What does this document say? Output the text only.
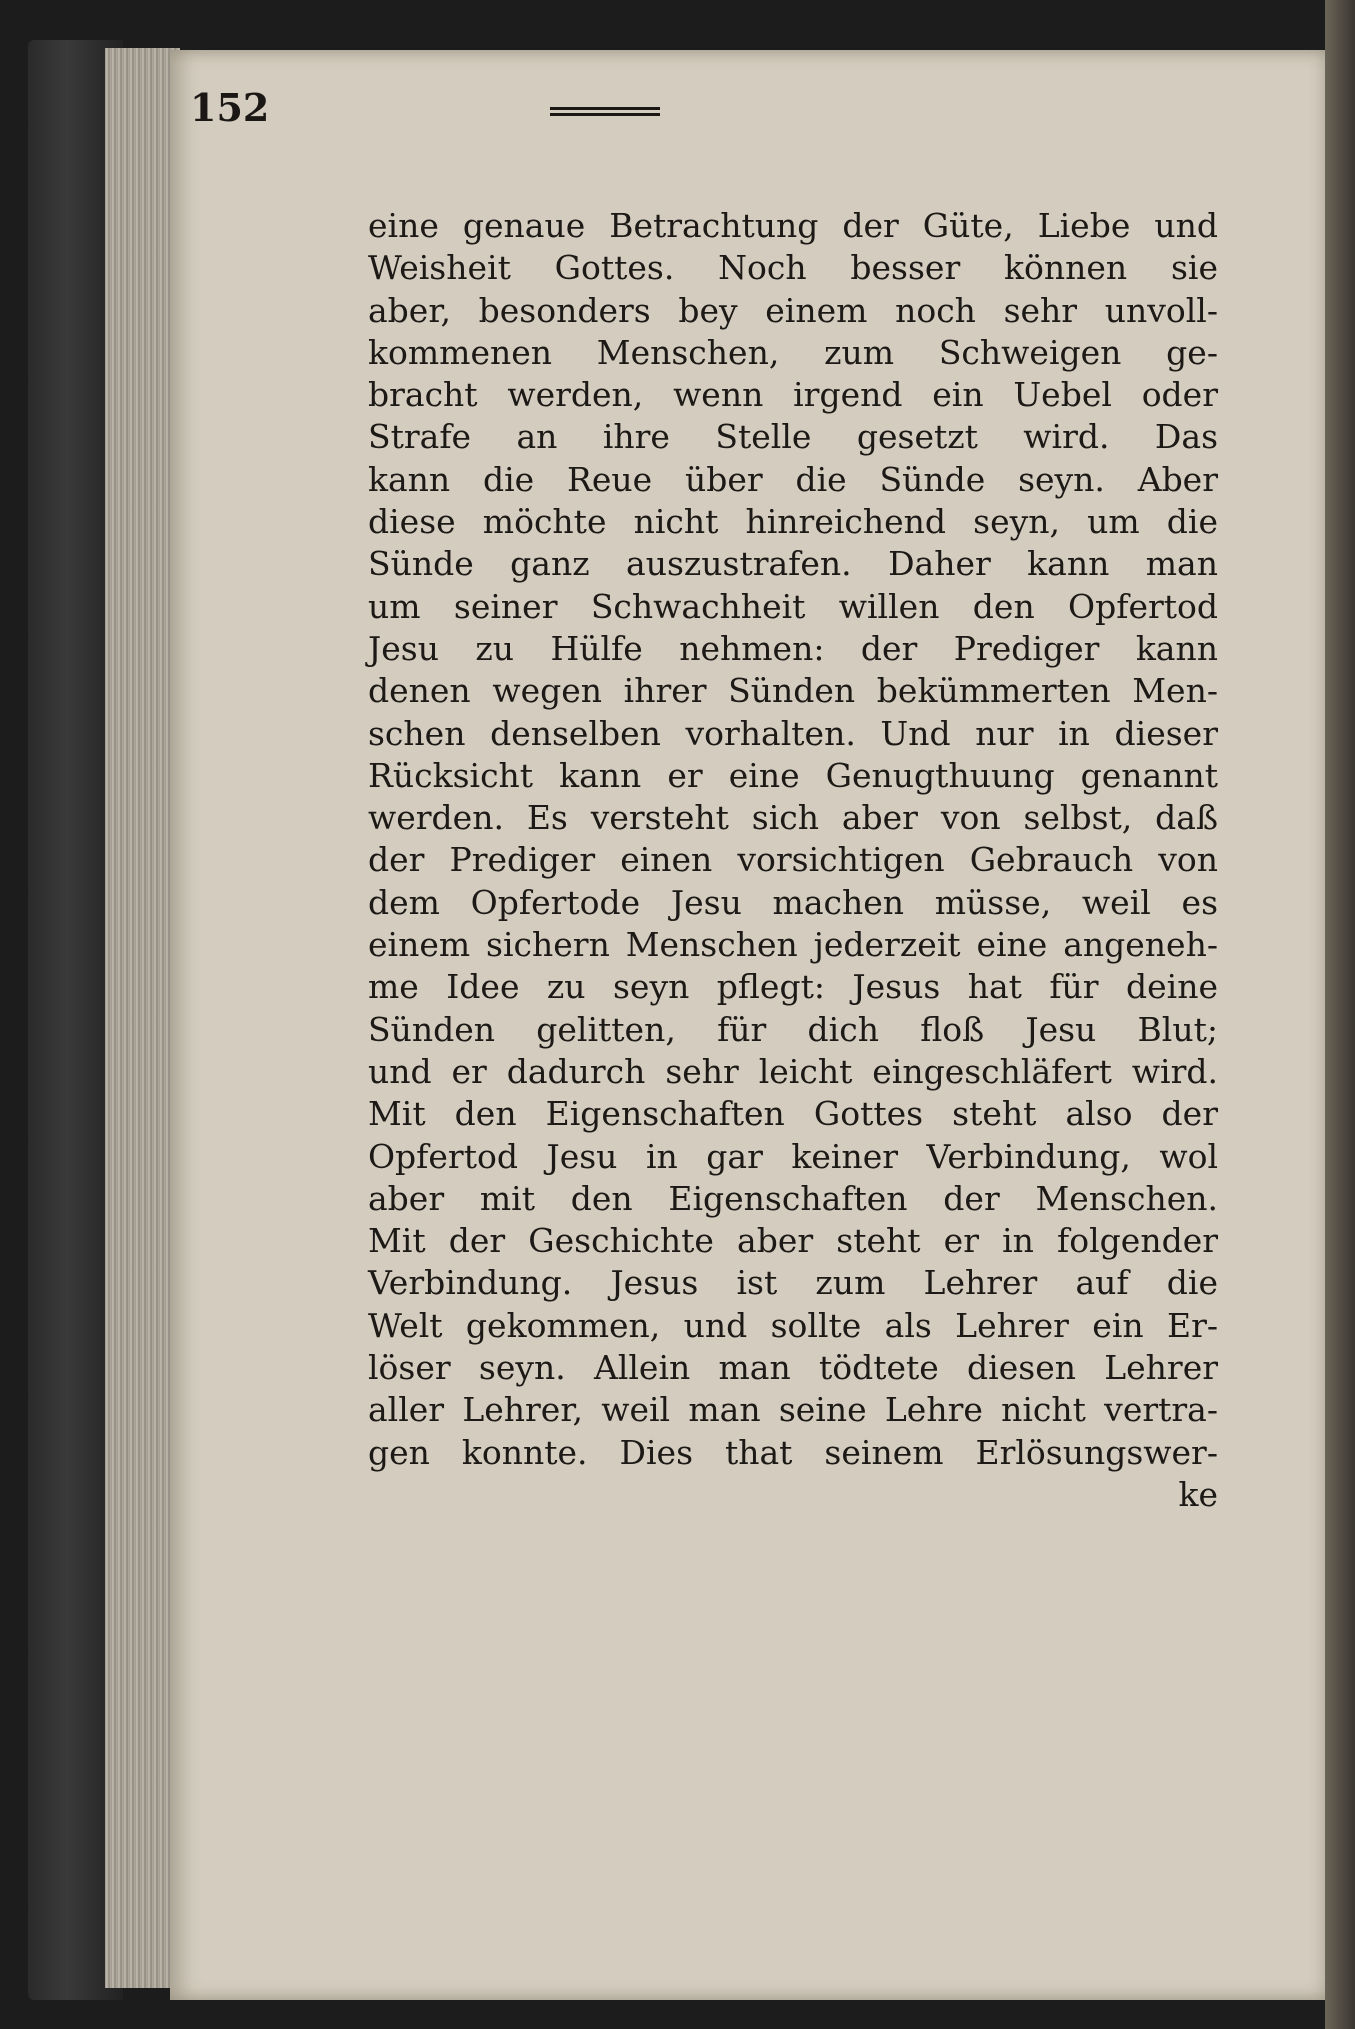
152
eine genaue Betrachtung der Güte, Liebe und
Weisheit Gottes. Noch besser können sie
aber, besonders bey einem noch sehr unvoll-
kommenen Menschen, zum Schweigen ge-
bracht werden, wenn irgend ein Uebel oder
Strafe an ihre Stelle gesetzt wird. Das
kann die Reue über die Sünde seyn. Aber
diese möchte nicht hinreichend seyn, um die
Sünde ganz auszustrafen. Daher kann man
um seiner Schwachheit willen den Opfertod
Jesu zu Hülfe nehmen: der Prediger kann
denen wegen ihrer Sünden bekümmerten Men-
schen denselben vorhalten. Und nur in dieser
Rücksicht kann er eine Genugthuung genannt
werden. Es versteht sich aber von selbst, daß
der Prediger einen vorsichtigen Gebrauch von
dem Opfertode Jesu machen müsse, weil es
einem sichern Menschen jederzeit eine angeneh-
me Idee zu seyn pflegt: Jesus hat für deine
Sünden gelitten, für dich floß Jesu Blut;
und er dadurch sehr leicht eingeschläfert wird.
Mit den Eigenschaften Gottes steht also der
Opfertod Jesu in gar keiner Verbindung, wol
aber mit den Eigenschaften der Menschen.
Mit der Geschichte aber steht er in folgender
Verbindung. Jesus ist zum Lehrer auf die
Welt gekommen, und sollte als Lehrer ein Er-
löser seyn. Allein man tödtete diesen Lehrer
aller Lehrer, weil man seine Lehre nicht vertra-
gen konnte. Dies that seinem Erlösungswer-
ke
